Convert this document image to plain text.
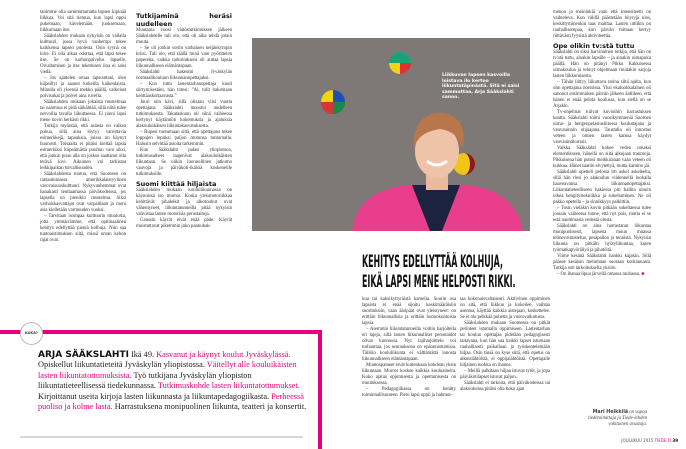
tanimme olla sammuttamatta lapsen kipinää liikkua. Voi sitä riemua, kun lapsi oppii pukemaan, kävelemään, juoksemaan, liikkumaan itse.

Sääkslahden mukaan nykyisin on vallalla kulttuuri, jossa hyvä vanhempi tekee kaikkensa lapsen puolesta. Osin syynä on kiire. Ei olla aikaa odottaa, että lapsi tekee itse. Se on karhunpalvelus lapselle. Oivaltamisen ja itse tekemisen iloa ei saisi viedä.

– Jos ajattelen omaa lapsuuttani, olen kiipeillyt ja saanut kokeilla kaikenlaista. Minulla oli yleensä mekko päällä, valkoiset polvisukat ja polvet aina ruvella.

Sääkslahden mukaan jokaista mustelmaa tai naarmua ei pidä säikähtää, sillä niitä tulee nervoilla tavalla liikuttaessa. Ei pieni lapsi mene kovin herkästi rikki.

Tutkija myöntää, että asiasta on vaikea puhua, sillä aina löytyy varoittavia esimerkkejä, tapauksia, joissa on käynyt huonosti. Toisaalta ei pitäisi kieltää lapsia esimerkiksi kiipeämästä puuhun vain siksi, että jonkin puun alla on joskus saattanut olla terävä kivi. Aikuinen voi tarkistaa leikkipaikan turvallisuuden.

Sääkslahdesta tuntuu, että Suomeen on rantautumassa amerikkalaistyylinen varovaisuuskulttuuri. Nykyvanhemmat ovat hanakasti tenttaamassa päiväkodeissa, jos lapsella on pienikin mustelma. Siksi varhaiskasvattajat ovat varpaillaan ja moni asia kielletään varmuuden vuoksi.

– Tarvitaan isompaa kulttuurin muutosta, jotta ymmärrämme, että optimaalinen kehitys edellyttää pieniä kolhuja. Niin saa tuntoaistimuksen siitä, missä oman kehon rajat ovat.

Tutkijaminä heräsi uudelleen

Muutama vuosi väitöstutkimuksen jälkeen Sääkslahdelle tuli olo, että oli aika tehdä jotain muuta.

– Se oli jonkin sortin varhainen neljänkympin kriisi. Tuli olo, että täällä minä vain pyörittelen papereita, vaikka tarkoitukseni oli auttaa lapsia liikunnalliseen elämäntapaan.

Sääkslahti hakeutui Jyväskylän normaalikouluun liikunnanopettajaksi.

– Kun tuttu lastentarhanopettaja kuuli siirtymisestäni, hän totesi: ”Ai, tulit hakemaan kenttäaskortaavasta.”

Juuri niin kävi, sillä olisaan viisi vuotta opettajana Sääkslahti innostui uudelleen tutkimuksesta. Takataskuun oli siinä vaiheessa kertynyt käytännön kokemuksia ja ajatuksia alakouluikäisen liikuntakasvatuksesta.

– Rupesi tuntumaan siltä, että opettajana tekee loppujen lopuksi paljon mutunsa tuntumalla. Halusin selvittää asioita tarkemmin.

Kun Sääkslahti palasi yliopistoon, tutkimusaiheet laajenivat alakouluikäisten liikuntaan. Se olikin luonnollinen jatkumo vauvoja ja päiväkoti-ikäisiä koskeneille tutkimuksille.

Suomi kiittää hiljaista

Sääkslahden mukaan koululiikunnassa on käynnissä iso murros. Koska yleismotoriikkaa kehittävät pihaleikit ja ulkotouhut ovat vähentyneet, liikuntatunneilla pitää nykyisin vahvistaa lasten motorisia perustaitoja.

Gaussin käyrät eivät enää päde. Käyrät muistuttavat pikemmin joko pannukak-

Liikkuvan lapsen kasvoilla loistava ilo kertoo liikuntatäpinästä. Sitä ei saisi sammuttaa, Arja Sääkslahti sanoo.
KEHITYS EDELLYTTÄÄ KOLHUJA,
EIKÄ LAPSI MENE HELPOSTI RIKKI.

kua tai kaksikyttyräistä kamelia. Suurin osa lapsista ei enää sijoitu keskimääräisiin suorituksiin, vaan ääripäät ovat yleistyneet: on erittäin liikunnallisia ja erittäin huonokuntoisia lapsia.

– Aiemmin liikuntatunneilla voitiin harjoitella eri lajeja, sillä lasten liikunnalliset perustaidot olivat kunnossa. Nyt lajiharjoittelu voi turhauttaa, jos seurauksena on epäonnistumisia. Tällöin koululiikunta ei välttämättä innosta liikunnalliseen elämäntapaan.

Muutospaineet eivät kuitenkaan kohdistu yksin liikuntaan. Murros koskee kaikkia kouluaineita. Koko ajatus oppimisesta ja opettamisesta on muutoksessa.

– Pedagogiikassa on herätty toiminnallisuuteen. Pieni lapsi oppii ja hahmot-

taa kokonaisvaltaisesti. Aktiivinen oppiminen on sitä, että liikkuu ja kokeilee, vaihtaa asentoa, käyttää kaikkia aistejaan, koskettelee. Se ei ole pelkkää puhetta ja vuorovaikutusta.

Sääkslahden mukaan Suomessa on pitkät perinteet istumalla oppimiseen. Lastentarhan tai koulun opettajaa pidetään pedagogisesti taitavana, kun hän saa kaikki lapset istumaan rauhallisesti paikallaan ja työskentelemään hiljaa. Osin tässä on kyse siitä, että opetus on aikuislähtöistä, ei oppijalähtöistä. Opettajalle hiljainen luokka on ihanne.

– Meillä palkitaan hiljaa istuvat tytöt, ja jopa päiväkotilapset istuvat paljon.

Sääkslahti ei tarkoita, että päiväkodeissa tai alakouluissa pitäisi olla koko ajan

menoa ja meininkiä vaan että intensiteetti on vaihteleva. Kun välillä päästetään höyryjä ulos, keskittyminenkin taas maittaa. Lasten uttilkin on rauhallisempaa, kun päivän mittaan kertyy riittävästi fyysistä aktiviteettia.

Ope olikin tv:stä tuttu

Sääkslahti on siksi harvinainen tutkija, että hän on tv:stä tuttu, ainakin lapsille – ja ainakin uimapuku päällä. Hän on pitänyt Pikku Kakkosessa uimakoulua ja tehnyt ohjelmaan muitakin sarjoja lasten liikkumisesta.

– Tähän liittyy liikuttava tarina siltä ajalta, kun olin opettajana norssissa. Yksi ekaluokkalainen oli sanonut ensimmäisen päivän jälkeen äidilleen, että hänen ei enää pelota koulussa, kun siellä on se Arjakin.

Tv-ohjelmat tulivat kuvioihin harrastuksen kautta. Sääkslahti toimi vuosikymmeniä Suomen uima- ja hengenpelastusliitossa kouluttajana ja vauvauinnin ohjaajana. Taustalla oli innostus veteen ja omien lasten kanssa käydyt vauvauintikurssit.

Vaikka Sääkslahti kokee veden omaksi elementikseen, hänellä on siitä alkujaan traumoja. Pikkuisena hän putosi meikkiranan vaan veteen oli hukkua. Hänet saatiin elvytettyä, mutta kammo jäi.

Sääkslahti opetteli pelosta irti askel askeleelta, sillä hän riesi jo alakoulun viidennellä luokalla haaveavansa liikunnanopettajaksi. Liikuntatieteelliseen hakiessa piti hallita uinnin oikea hengitystekniikka ja sukeltaminen. Ne oli pakko opetella – ja sinnikkyys palkittiin.

– Tosin vieläkin kovin pitkään sukeltaessa tulee jossain vaiheessa tunne, että nyt pois, mutta ei se estä nauttimasta vedestä olosta.

Sääkslahti on aina harrastanut liikuntaa monipuolisesti, lapsena muun muassa telinevoimistelua, pesäpalloa ja tennistä. Nykyisin liikunta on pitkälti hyötyliikuntaa, kuten työmatkapyöräilyä ja pihatöitä.

Viime kesänä Sääkslahti hankki kajakin. Sillä pääsee kesäisin melomaan suoraan kotirannasta. Tutkija osti tarkoituksella yksiön.

– On ihanaa lipua järvellä omassa rauhassa. ■

KUKA?
ARJA SÄÄKSLAHTI Ikä 49. Kasvanut ja käynyt koulut Jyväskylässä. Opiskellut liikuntatieteitä Jyväskylän yliopistossa. Väitellyt alle kouluikäisten lasten liikuntatottumuksista. Työ tutkijana Jyväskylän yliopiston liikuntatieteellisessä tiedekunnassa. Tutkimuskohde lasten liikuntatottumukset. Kirjoittanut useita kirjoja lasten liikunnasta ja liikuntapedagogiikasta. Perheessä puoliso ja kolme lasta. Harrastuksena monipuolinen liikunta, teatteri ja konsertit.
Mari Heikkilä on vapaa tiedetoimittaja ja Tiede-lehden vakituinen avustaja.
JOULUKUU 2015 TIEDE.FI 39
